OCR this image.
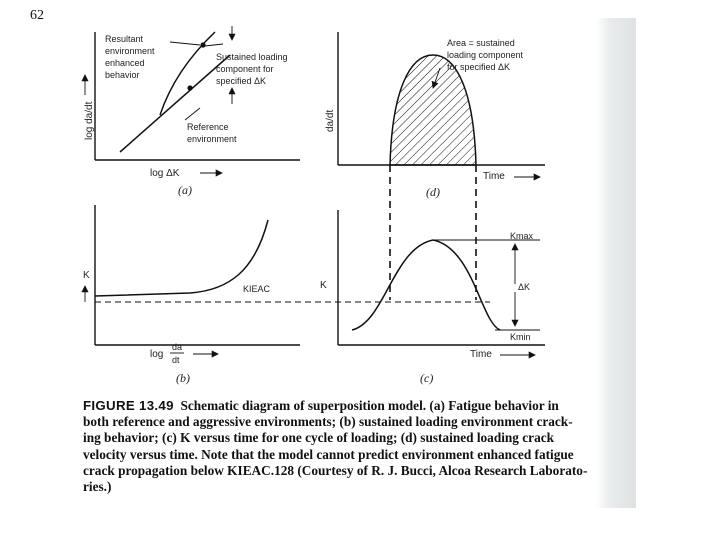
62
log da/dt
log ΔK
(a)
Resultant
environment
enhanced
behavior
Sustained loading
component for
specified ΔK
Reference
environment
da/dt
Area = sustained
loading component
for specified ΔK
Time
(d)
K
KIEAC
log
da
dt
(b)
K
Kmax
ΔK
Kmin
Time
(c)

FIGURE 13.49 Schematic diagram of superposition model. (a) Fatigue behavior in

both reference and aggressive environments; (b) sustained loading environment crack-

ing behavior; (c) K versus time for one cycle of loading; (d) sustained loading crack

velocity versus time. Note that the model cannot predict environment enhanced fatigue

crack propagation below KIEAC.128 (Courtesy of R. J. Bucci, Alcoa Research Laborato-

ries.)
